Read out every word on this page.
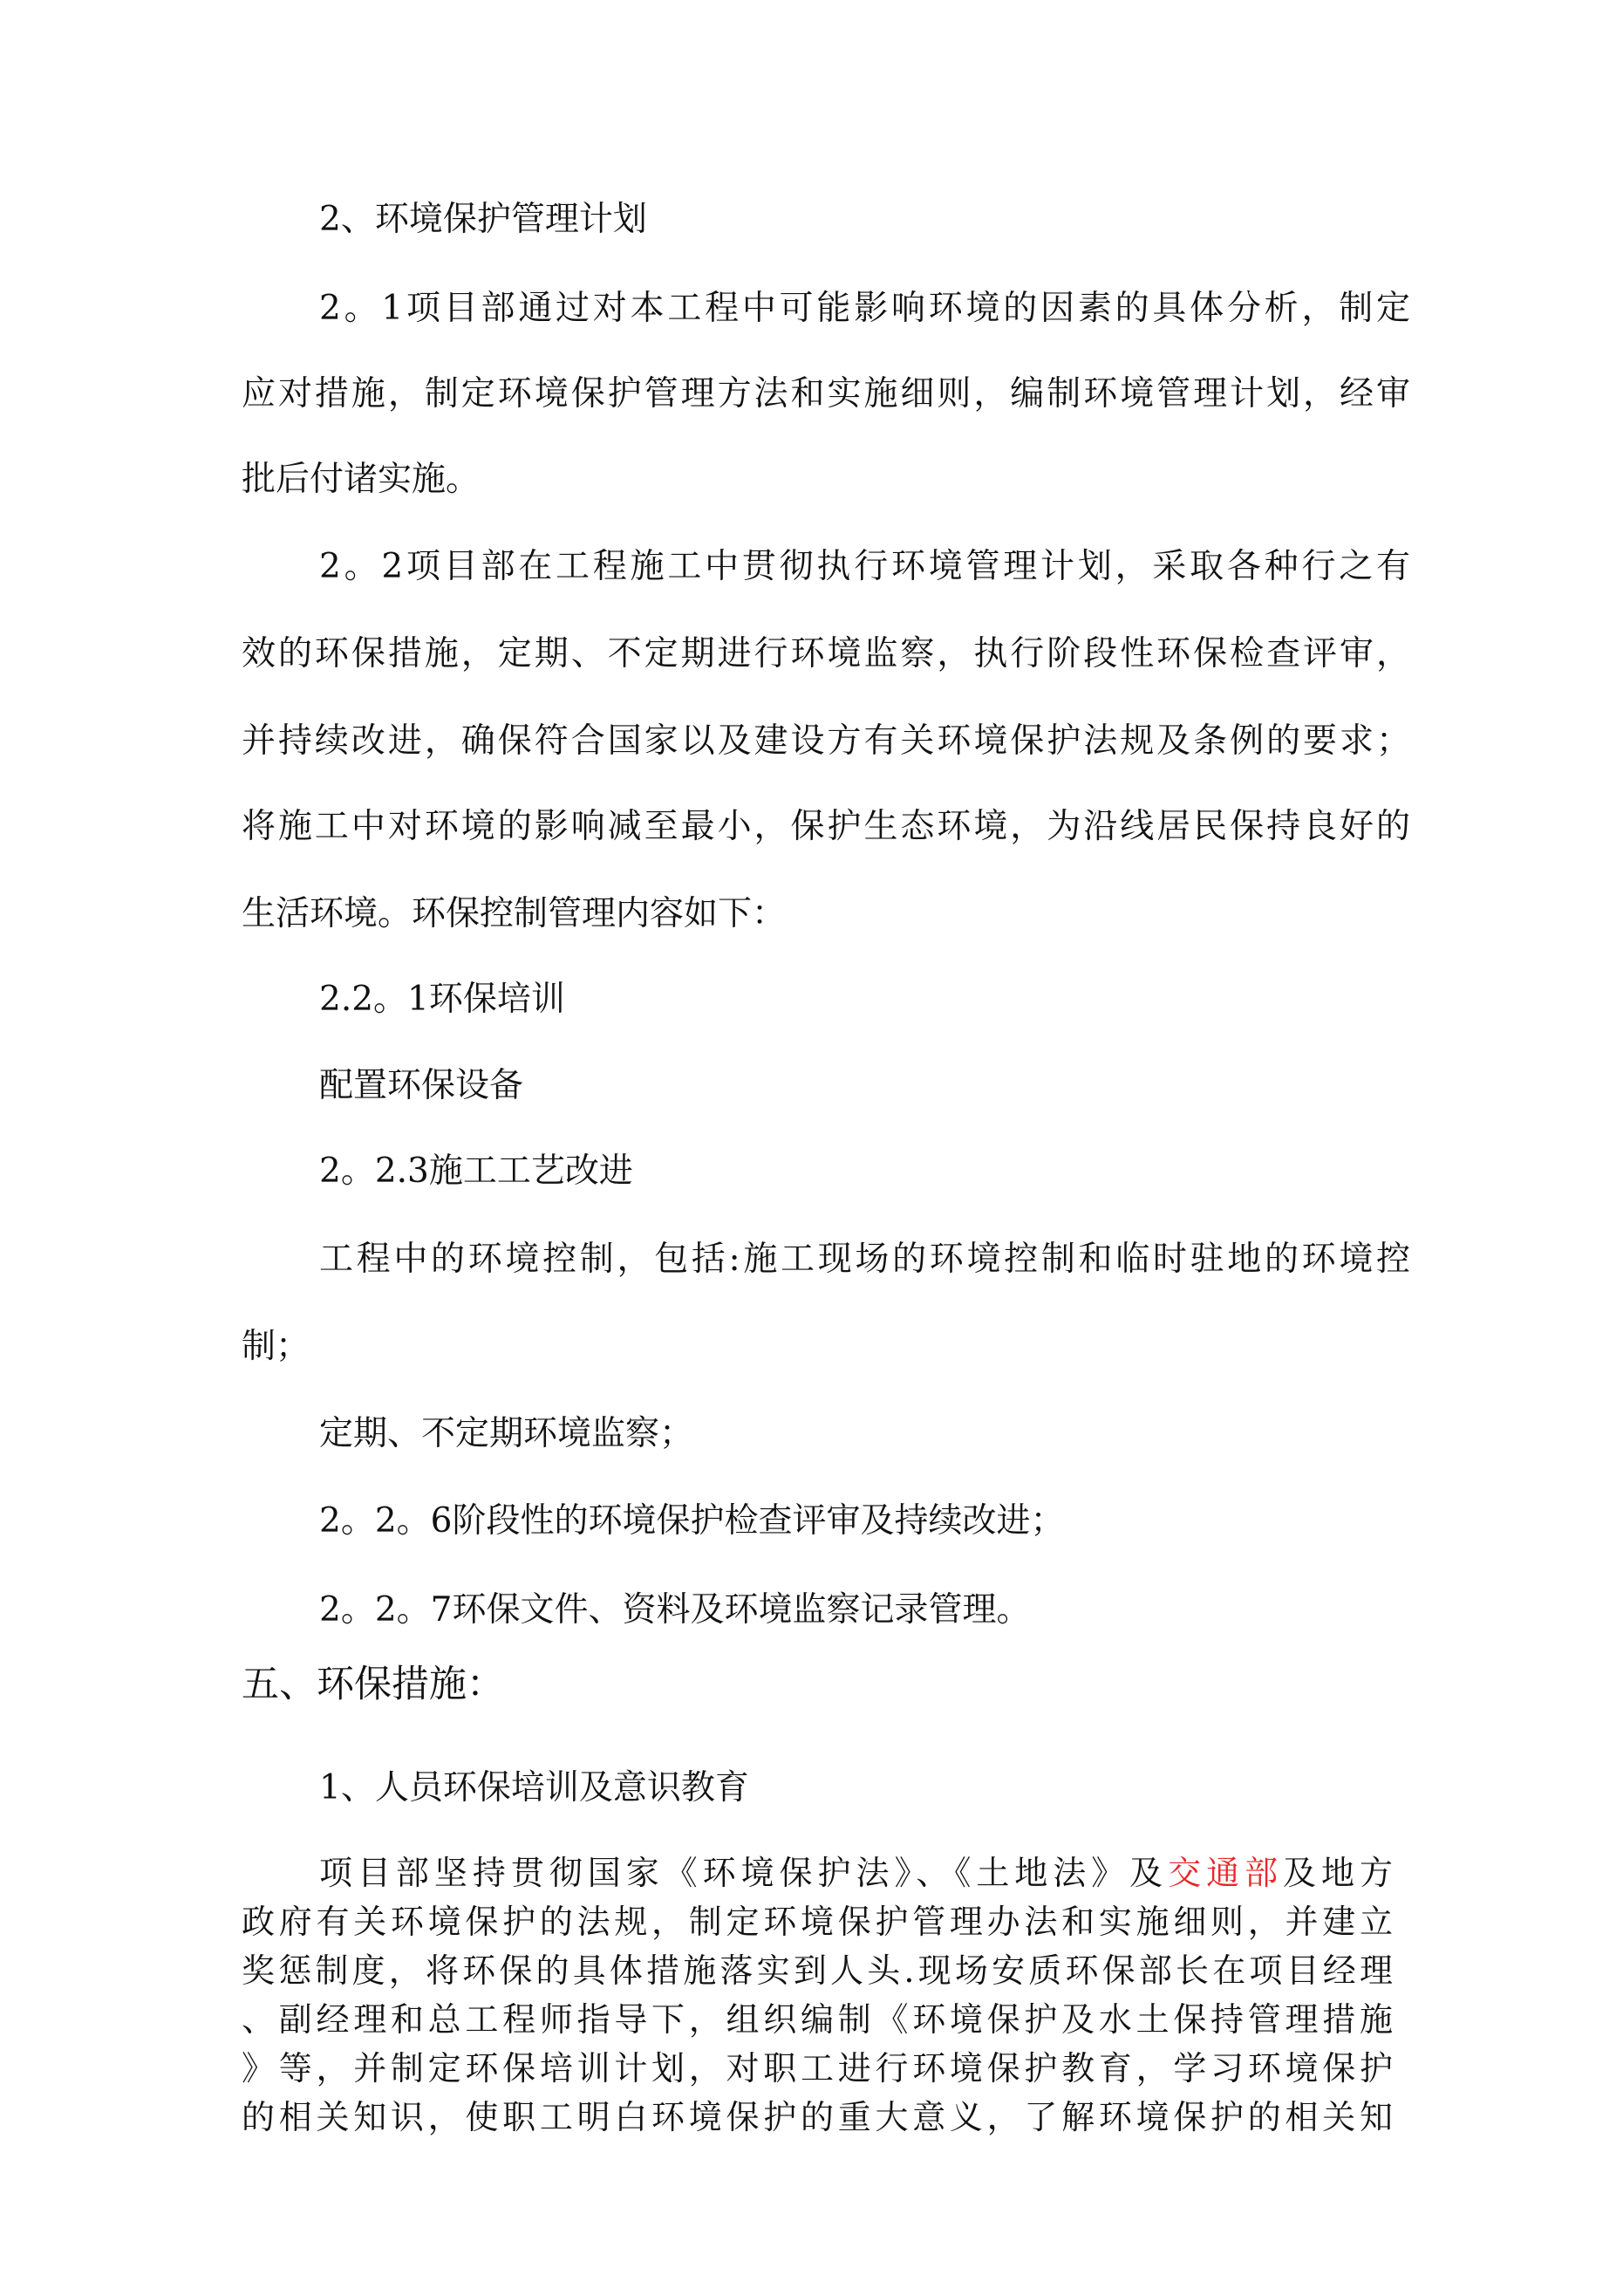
2、环境保护管理计划
2。1项目部通过对本工程中可能影响环境的因素的具体分析，制定
应对措施，制定环境保护管理方法和实施细则，编制环境管理计划，经审
批后付诸实施。
2。2项目部在工程施工中贯彻执行环境管理计划，采取各种行之有
效的环保措施，定期、不定期进行环境监察，执行阶段性环保检查评审，
并持续改进，确保符合国家以及建设方有关环境保护法规及条例的要求；
将施工中对环境的影响减至最小，保护生态环境，为沿线居民保持良好的
生活环境。环保控制管理内容如下：
2.2。1环保培训
配置环保设备
2。2.3施工工艺改进
工程中的环境控制，包括:施工现场的环境控制和临时驻地的环境控
制；
定期、不定期环境监察；
2。2。6阶段性的环境保护检查评审及持续改进；
2。2。7环保文件、资料及环境监察记录管理。
五、环保措施：
1、人员环保培训及意识教育
项目部坚持贯彻国家《环境保护法》、《土地法》及交通部及地方
政府有关环境保护的法规，制定环境保护管理办法和实施细则，并建立
奖惩制度，将环保的具体措施落实到人头.现场安质环保部长在项目经理
、副经理和总工程师指导下，组织编制《环境保护及水土保持管理措施
》等，并制定环保培训计划，对职工进行环境保护教育，学习环境保护
的相关知识，使职工明白环境保护的重大意义，了解环境保护的相关知
